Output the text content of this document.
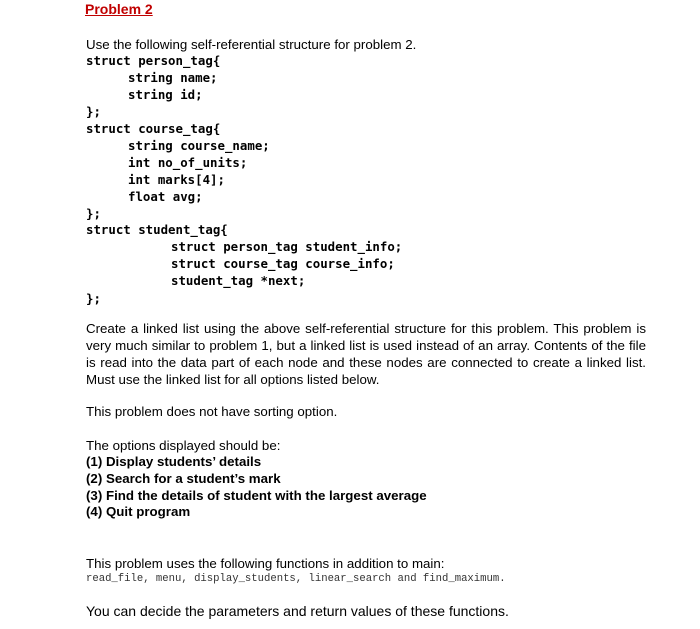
Problem 2
Use the following self-referential structure for problem 2.
struct person_tag{
string name;
string id;
};
struct course_tag{
string course_name;
int no_of_units;
int marks[4];
float avg;
};
struct student_tag{
struct person_tag student_info;
struct course_tag course_info;
student_tag *next;
};
Create a linked list using the above self-referential structure for this problem. This problem is very much similar to problem 1, but a linked list is used instead of an array. Contents of the file is read into the data part of each node and these nodes are connected to create a linked list. Must use the linked list for all options listed below.
This problem does not have sorting option.
The options displayed should be:
(1) Display students’ details
(2) Search for a student’s mark
(3) Find the details of student with the largest average
(4) Quit program
This problem uses the following functions in addition to main:
read_file, menu, display_students, linear_search and find_maximum.
You can decide the parameters and return values of these functions.
